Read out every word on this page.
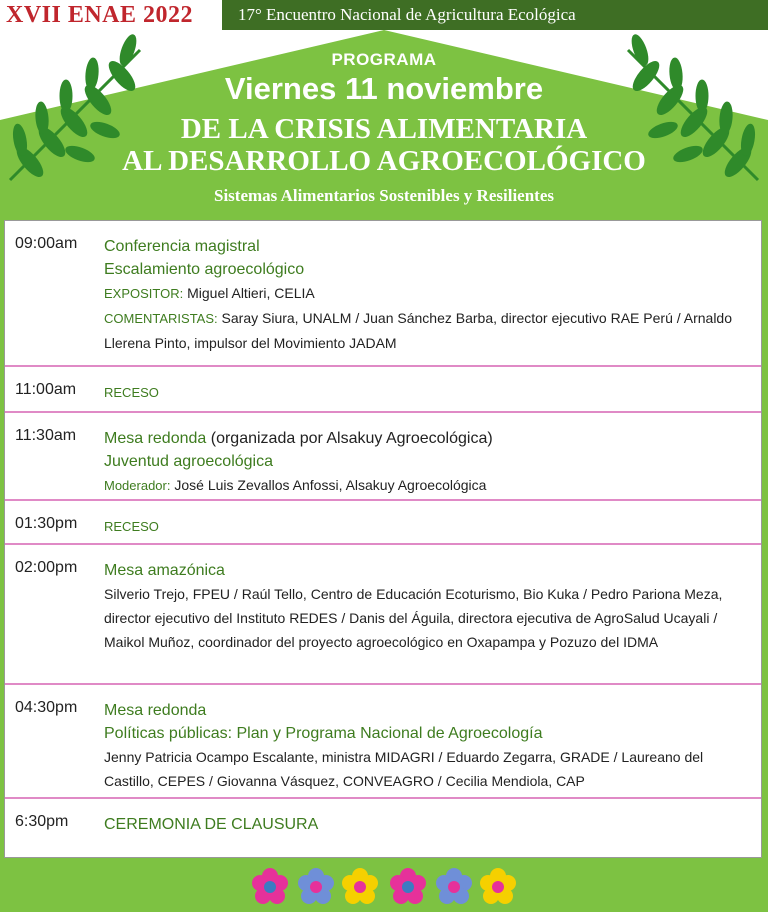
XVII ENAE 2022	17° Encuentro Nacional de Agricultura Ecológica
PROGRAMA
Viernes 11 noviembre
DE LA CRISIS ALIMENTARIA
AL DESARROLLO AGROECOLÓGICO
Sistemas Alimentarios Sostenibles y Resilientes
09:00am Conferencia magistral
Escalamiento agroecológico
EXPOSITOR: Miguel Altieri, CELIA
COMENTARISTAS: Saray Siura, UNALM / Juan Sánchez Barba, director ejecutivo RAE Perú / Arnaldo Llerena Pinto, impulsor del Movimiento JADAM
11:00am RECESO
11:30am Mesa redonda (organizada por Alsakuy Agroecológica)
Juventud agroecológica
Moderador: José Luis Zevallos Anfossi, Alsakuy Agroecológica
01:30pm RECESO
02:00pm Mesa amazónica
Silverio Trejo, FPEU / Raúl Tello, Centro de Educación Ecoturismo, Bio Kuka / Pedro Pariona Meza, director ejecutivo del Instituto REDES / Danis del Águila, directora ejecutiva de AgroSalud Ucayali / Maikol Muñoz, coordinador del proyecto agroecológico en Oxapampa y Pozuzo del IDMA
04:30pm Mesa redonda
Políticas públicas: Plan y Programa Nacional de Agroecología
Jenny Patricia Ocampo Escalante, ministra MIDAGRI / Eduardo Zegarra, GRADE / Laureano del Castillo, CEPES / Giovanna Vásquez, CONVEAGRO / Cecilia Mendiola, CAP
6:30pm CEREMONIA DE CLAUSURA
